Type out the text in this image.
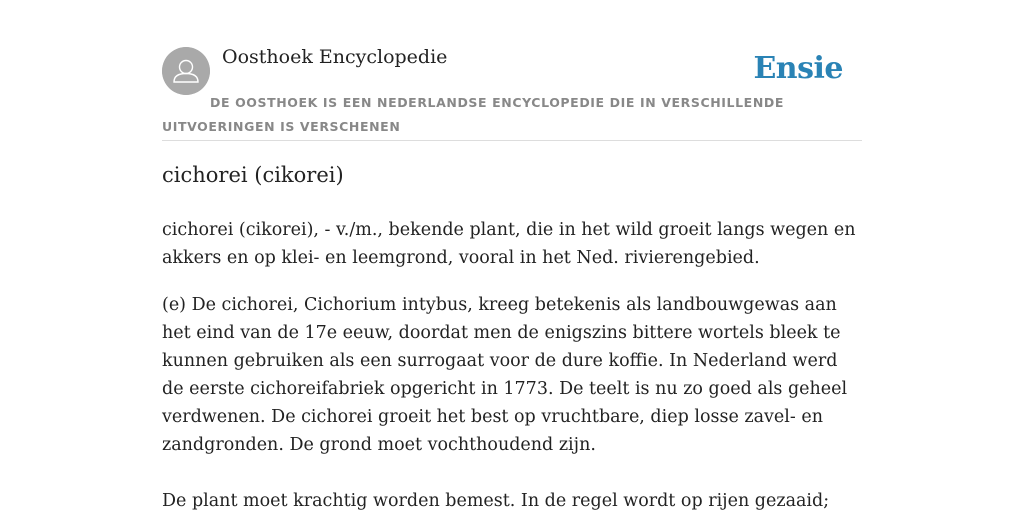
Oosthoek Encyclopedie	Ensie
DE OOSTHOEK IS EEN NEDERLANDSE ENCYCLOPEDIE DIE IN VERSCHILLENDE UITVOERINGEN IS VERSCHENEN
cichorei (cikorei)

cichorei (cikorei), - v./m., bekende plant, die in het wild groeit langs wegen en akkers en op klei- en leemgrond, vooral in het Ned. rivierengebied.

(e) De cichorei, Cichorium intybus, kreeg betekenis als landbouwgewas aan het eind van de 17e eeuw, doordat men de enigszins bittere wortels bleek te kunnen gebruiken als een surrogaat voor de dure koffie. In Nederland werd de eerste cichoreifabriek opgericht in 1773. De teelt is nu zo goed als geheel verdwenen. De cichorei groeit het best op vruchtbare, diep losse zavel- en zandgronden. De grond moet vochthoudend zijn.

De plant moet krachtig worden bemest. In de regel wordt op rijen gezaaid;
